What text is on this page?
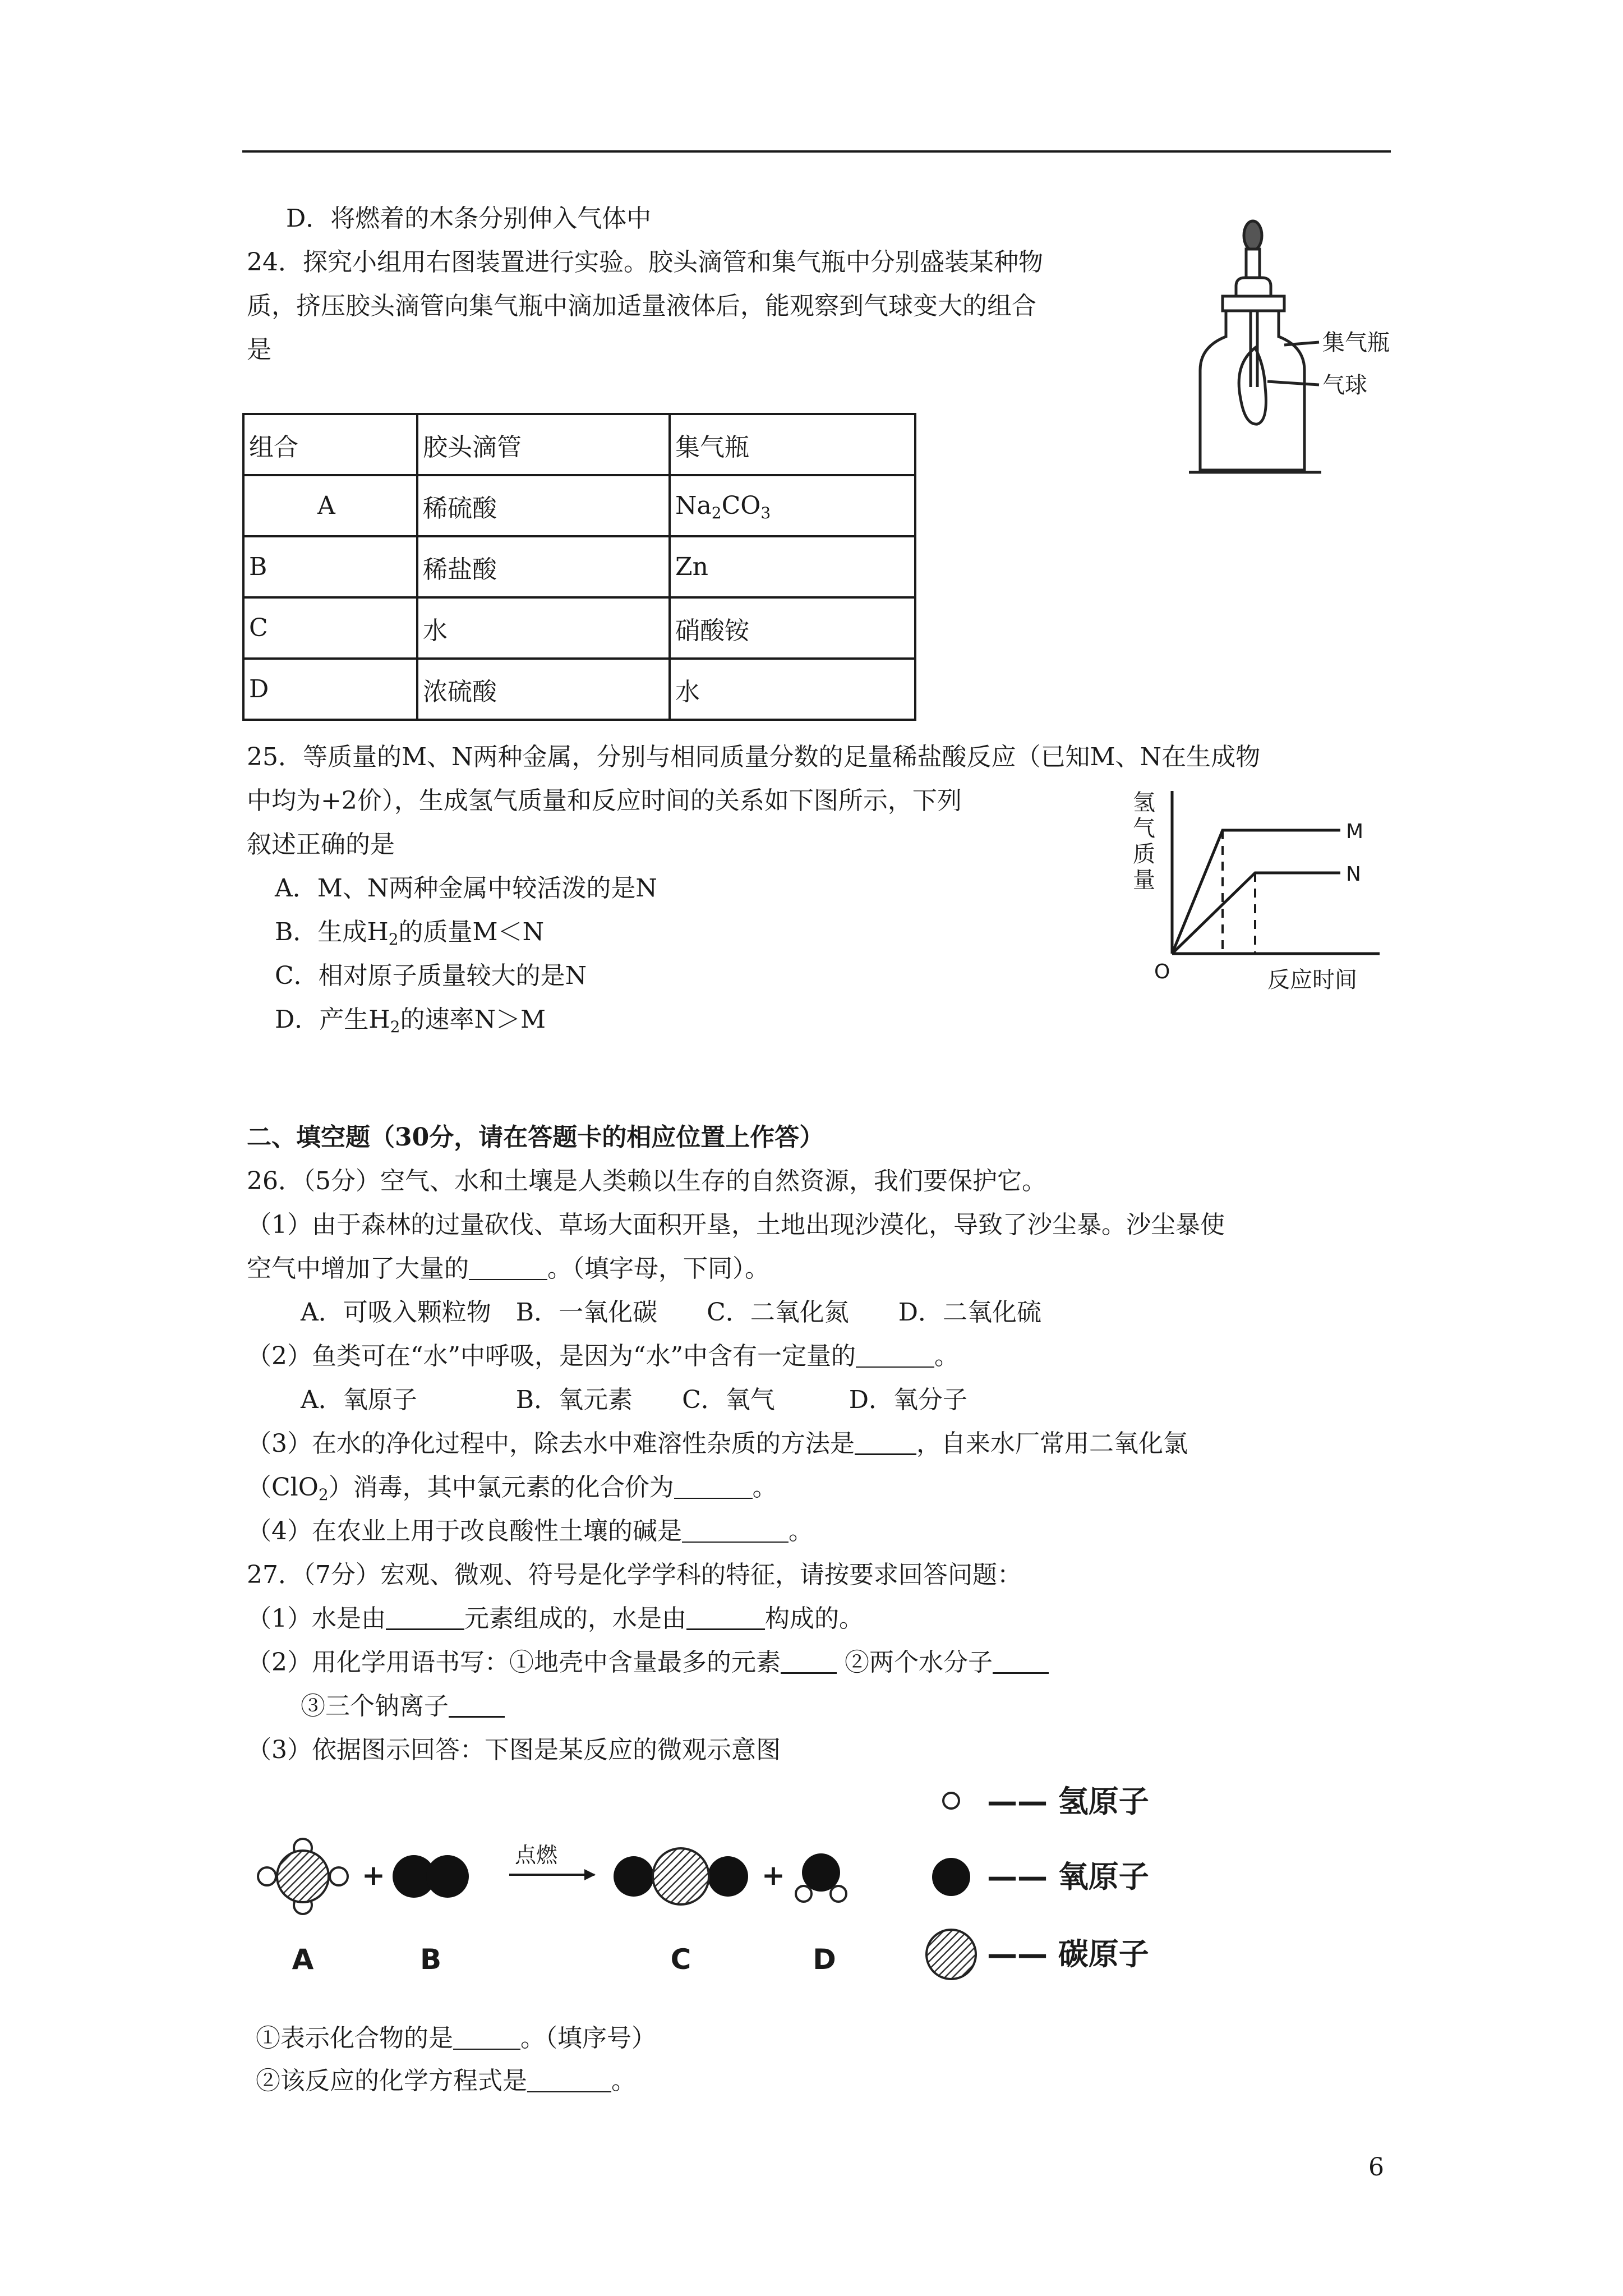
D．将燃着的木条分别伸入气体中
24．探究小组用右图装置进行实验。胶头滴管和集气瓶中分别盛装某种物
质，挤压胶头滴管向集气瓶中滴加适量液体后，能观察到气球变大的组合
是	集气瓶
气球
组合	胶头滴管	集气瓶
A	稀硫酸	$Na_2CO_3$
B	稀盐酸	Zn
C	水	硝酸铵
D	浓硫酸	水
25．等质量的M、N两种金属，分别与相同质量分数的足量稀盐酸反应（已知M、N在生成物
中均为+2价），生成氢气质量和反应时间的关系如下图所示，下列
叙述正确的是
A．M、N两种金属中较活泼的是N
B．生成$H_2$的质量M＜N
C．相对原子质量较大的是N
D．产生$H_2$的速率N＞M
氢
气
质
量
M
N
O	反应时间
二、填空题（30分，请在答题卡的相应位置上作答）
26．（5分）空气、水和土壤是人类赖以生存的自然资源，我们要保护它。
（1）由于森林的过量砍伐、草场大面积开垦，土地出现沙漠化，导致了沙尘暴。沙尘暴使
空气中增加了大量的	。（填字母，下同）。
A．可吸入颗粒物　B．一氧化碳　　C．二氧化氮　　D．二氧化硫
（2）鱼类可在“水”中呼吸，是因为“水”中含有一定量的	。
A．氧原子　　　　B．氧元素　　C．氧气　　　D．氧分子
（3）在水的净化过程中，除去水中难溶性杂质的方法是	，自来水厂常用二氧化氯
（ClO$_2$）消毒，其中氯元素的化合价为	。
（4）在农业上用于改良酸性土壤的碱是	。
27．（7分）宏观、微观、符号是化学学科的特征，请按要求回答问题：
（1）水是由	元素组成的，水是由	构成的。
（2）用化学用语书写：①地壳中含量最多的元素	②两个水分子
③三个钠离子
（3）依据图示回答：下图是某反应的微观示意图
+
点燃
+
A	B	C	D
—— 氢原子
—— 氧原子
—— 碳原子
①表示化合物的是	。（填序号）
②该反应的化学方程式是	。
6
